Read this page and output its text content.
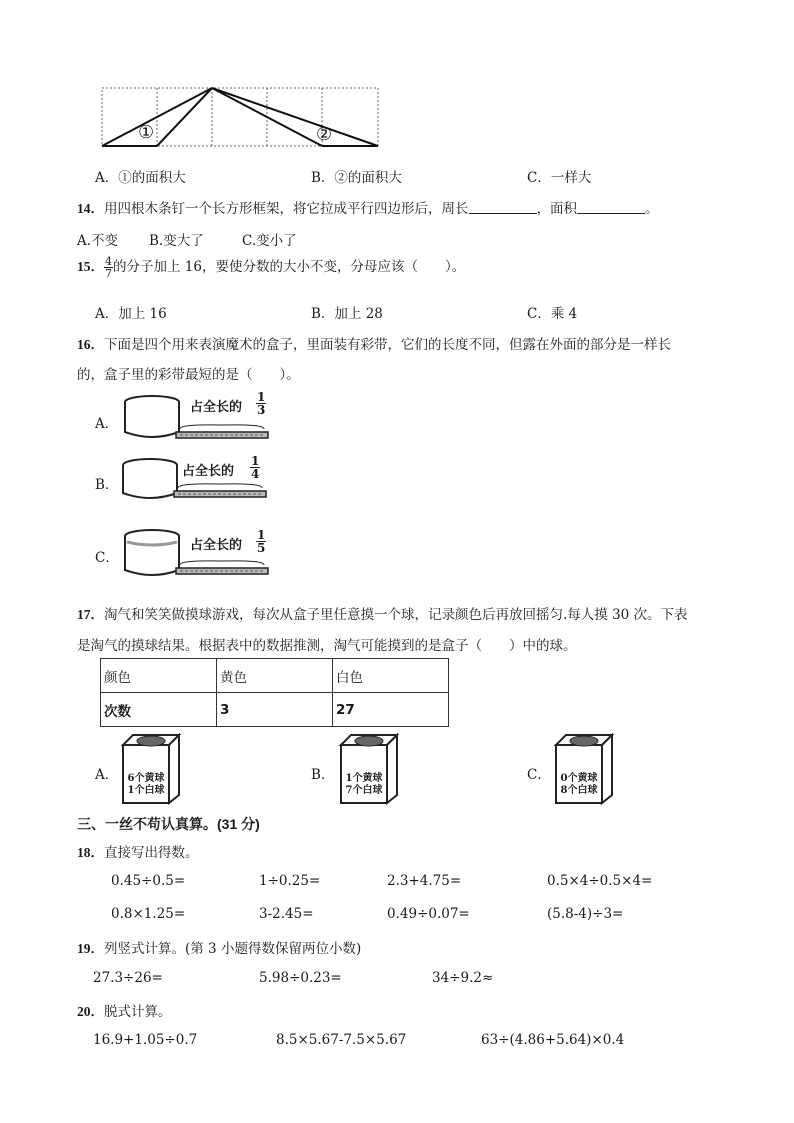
①	②
A．①的面积大	B．②的面积大	C．一样大
14．用四根木条钉一个长方形框架，将它拉成平行四边形后，周长	，面积	。
A.不变 B.变大了	C.变小了
15． $\frac{4}{7}$ 的分子加上 16，要使分数的大小不变，分母应该（　　）。
A．加上 16	B．加上 28	C．乘 4
16．下面是四个用来表演魔术的盒子，里面装有彩带，它们的长度不同，但露在外面的部分是一样长
的，盒子里的彩带最短的是（　　）。
A．
占全长的 $\frac{1}{3}$
B．
占全长的 $\frac{1}{4}$
C．
占全长的 $\frac{1}{5}$
17．淘气和笑笑做摸球游戏，每次从盒子里任意摸一个球，记录颜色后再放回摇匀.每人摸 30 次。下表
是淘气的摸球结果。根据表中的数据推测，淘气可能摸到的是盒子（　　）中的球。
颜色	黄色	白色
次数	3	27
A． 6个黄球
1个白球
B．	1个黄球
7个白球
C． 0个黄球
8个白球
三、一丝不苟认真算。(31 分)
18．直接写出得数。
0.45÷0.5=	1÷0.25=	2.3+4.75=	0.5×4÷0.5×4=
0.8×1.25=	3-2.45=	0.49÷0.07=	(5.8-4)÷3=
19．列竖式计算。(第 3 小题得数保留两位小数)
27.3÷26=	5.98÷0.23=	34÷9.2≈
20．脱式计算。
16.9+1.05÷0.7	8.5×5.67-7.5×5.67	63÷(4.86+5.64)×0.4
